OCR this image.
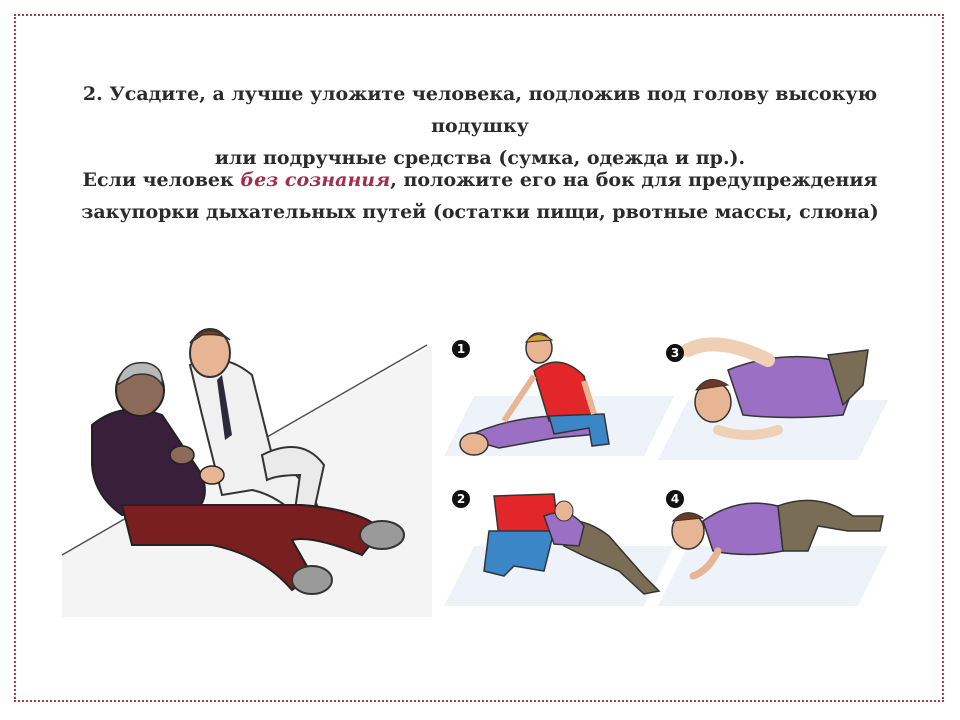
2. Усадите, а лучше уложите человека, подложив под голову высокую подушку
или подручные средства (сумка, одежда и пр.).
Если человек без сознания, положите его на бок для предупреждения
закупорки дыхательных путей (остатки пищи, рвотные массы, слюна)
1	3
2	4
